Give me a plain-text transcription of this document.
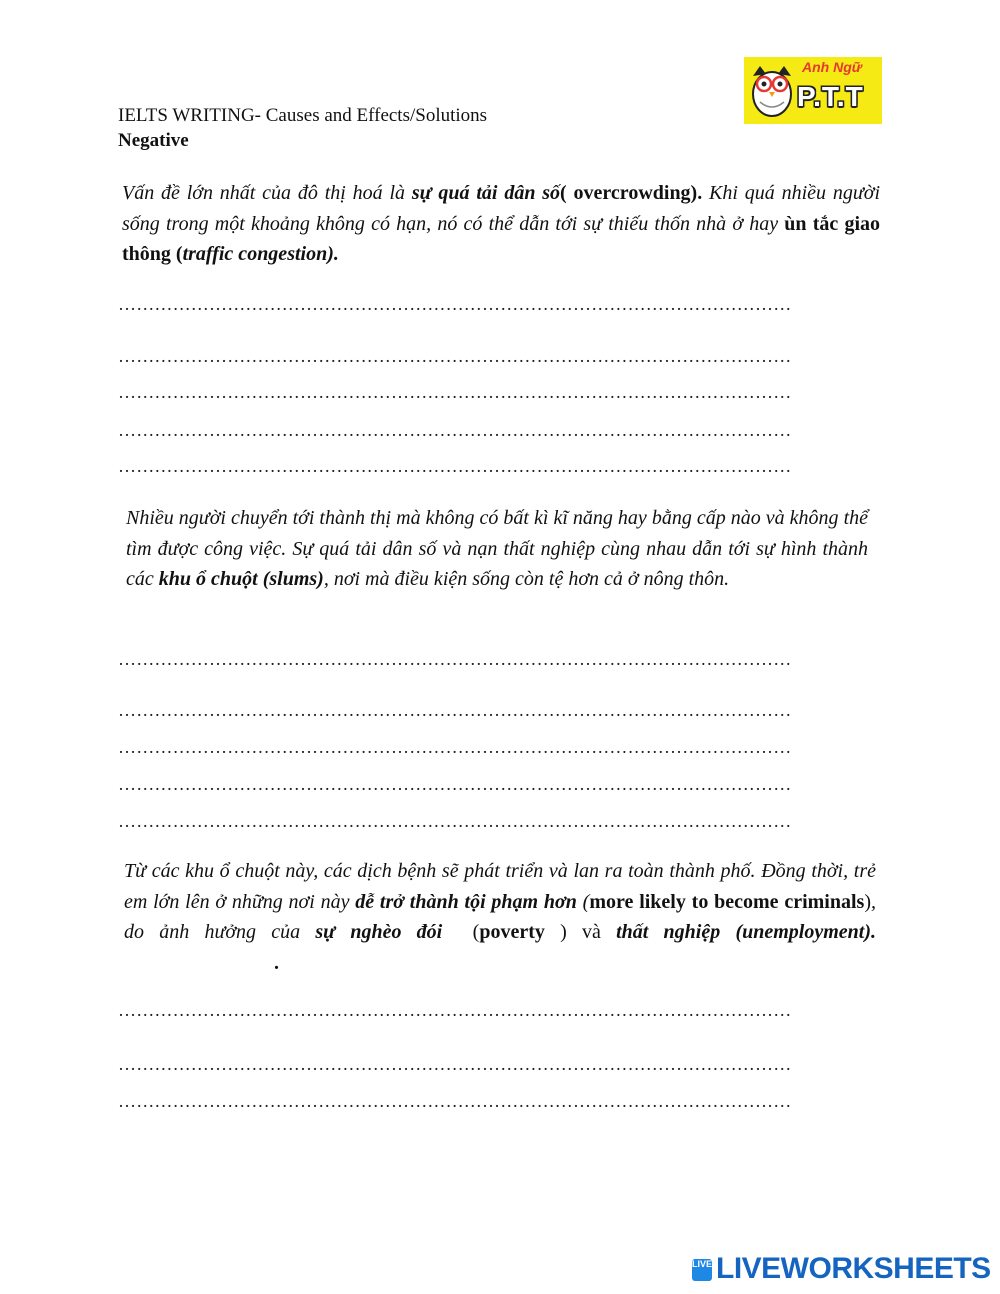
IELTS WRITING- Causes and Effects/Solutions
Negative
Anh Ngữ
P.T.T
Vấn đề lớn nhất của đô thị hoá là sự quá tải dân số( overcrowding). Khi quá nhiều người sống trong một khoảng không có hạn, nó có thể dẫn tới sự thiếu thốn nhà ở hay ùn tắc giao thông (traffic congestion).
…………………………………………………………………………………………………
…………………………………………………………………………………………………
…………………………………………………………………………………………………
…………………………………………………………………………………………………
…………………………………………………………………………………………………
Nhiều người chuyển tới thành thị mà không có bất kì kĩ năng hay bằng cấp nào và không thể tìm được công việc. Sự quá tải dân số và nạn thất nghiệp cùng nhau dẫn tới sự hình thành các khu ổ chuột (slums), nơi mà điều kiện sống còn tệ hơn cả ở nông thôn.
…………………………………………………………………………………………………
…………………………………………………………………………………………………
…………………………………………………………………………………………………
…………………………………………………………………………………………………
…………………………………………………………………………………………………
Từ các khu ổ chuột này, các dịch bệnh sẽ phát triển và lan ra toàn thành phố. Đồng thời, trẻ em lớn lên ở những nơi này dễ trở thành tội phạm hơn (more likely to become criminals), do ảnh hưởng của sự nghèo đói  (poverty ) và thất nghiệp (unemployment).                              .
…………………………………………………………………………………………………
…………………………………………………………………………………………………
…………………………………………………………………………………………………
LIVE LIVEWORKSHEETS
